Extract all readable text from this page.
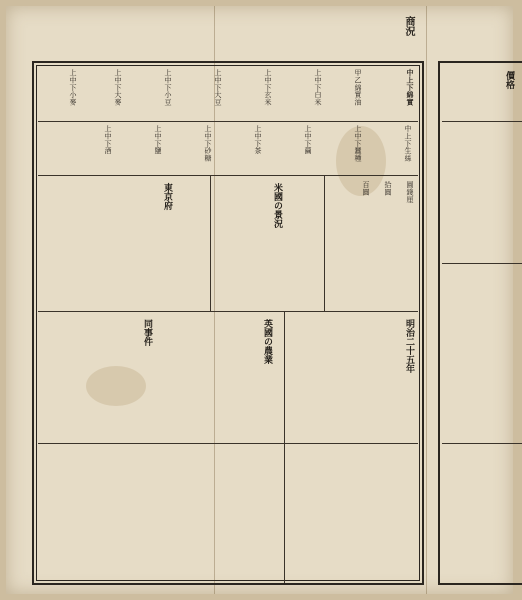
中上下綿實
甲乙綿實油
上中下白米
上中下玄米
上中下大豆
上中下小豆
上中下大麥
上中下小麥
中上下生絲
上中下蠶種
上中下繭
上中下茶
上中下砂糖
上中下鹽
上中下酒
圓錢厘
拾圓
百圓
米國の景況
東京府
明治二十五年
英國の農業
同事件
價格
商況
